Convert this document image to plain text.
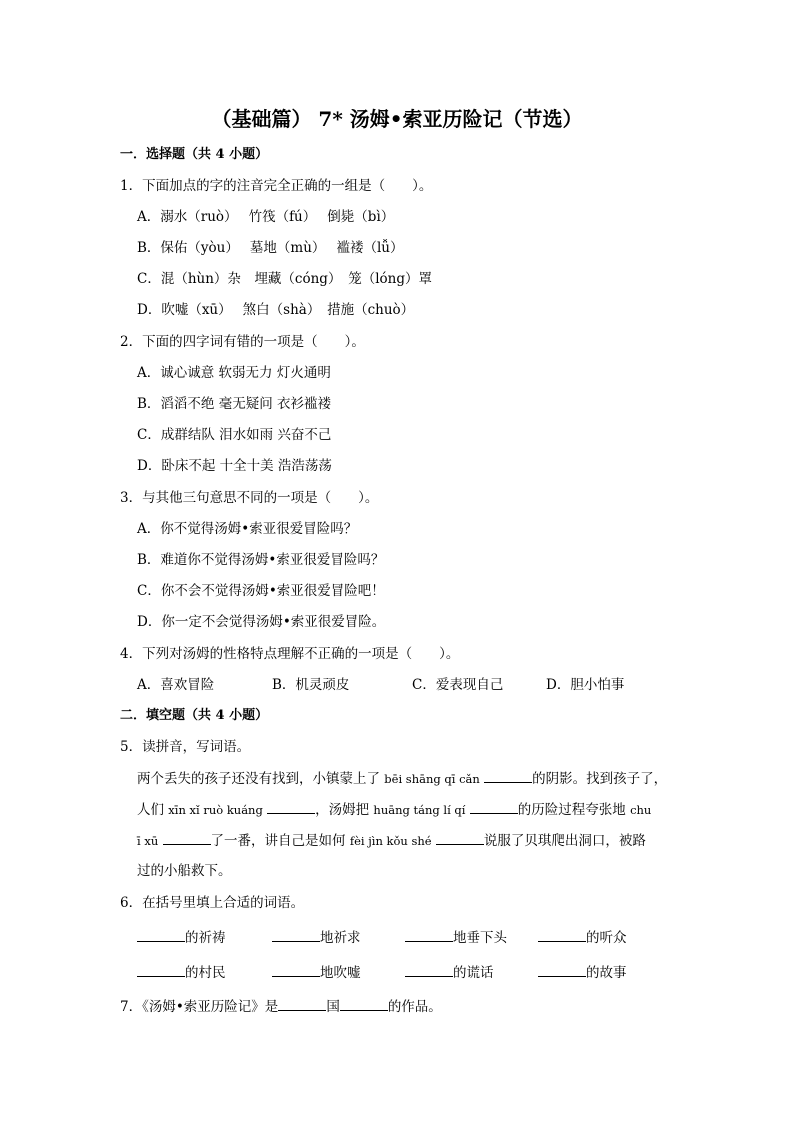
（基础篇） 7* 汤姆•索亚历险记（节选）
一．选择题（共 4 小题）
1．下面加点的字的注音完全正确的一组是（　　）。
A．溺水（ruò）　 竹筏（fú）　 倒毙（bì）
B．保佑（yòu）　 墓地（mù）　 褴褛（lǚ）
C．混（hùn）杂　埋藏（cóng）　笼（lóng）罩
D．吹嘘（xū）　 煞白（shà）　措施（chuò）
2．下面的四字词有错的一项是（　　）。
A．诚心诚意 软弱无力 灯火通明
B．滔滔不绝 毫无疑问 衣衫褴褛
C．成群结队 泪水如雨 兴奋不己
D．卧床不起 十全十美 浩浩荡荡
3．与其他三句意思不同的一项是（　　）。
A．你不觉得汤姆•索亚很爱冒险吗？
B．难道你不觉得汤姆•索亚很爱冒险吗？
C．你不会不觉得汤姆•索亚很爱冒险吧！
D．你一定不会觉得汤姆•索亚很爱冒险。
4．下列对汤姆的性格特点理解不正确的一项是（　　）。
A．喜欢冒险	B．机灵顽皮	C．爱表现自己	D．胆小怕事
二．填空题（共 4 小题）
5．读拼音，写词语。
两个丢失的孩子还没有找到，小镇蒙上了 bēi shāng qī cǎn	的阴影。找到孩子了，
人们 xīn xǐ ruò kuáng	，汤姆把 huāng táng lí qí	的历险过程夸张地 chu
ī xū	了一番，讲自己是如何 fèi jìn kǒu shé	说服了贝琪爬出洞口，被路
过的小船救下。
6．在括号里填上合适的词语。
的祈祷	地祈求	地垂下头	的听众
的村民	地吹嘘	的谎话	的故事
7．《汤姆•索亚历险记》是	国	的作品。
